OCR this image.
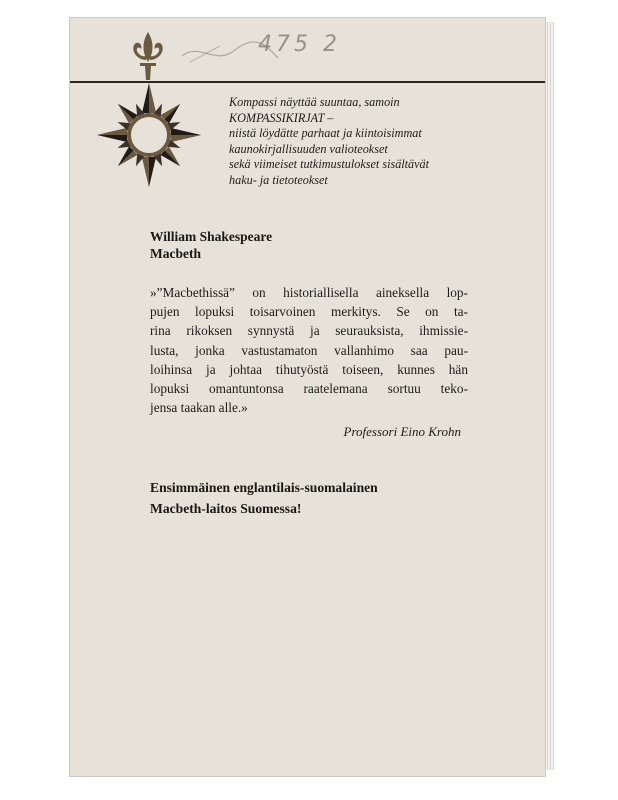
475 2
Kompassi näyttää suuntaa, samoin
KOMPASSIKIRJAT –
niistä löydätte parhaat ja kiintoisimmat
kaunokirjallisuuden valioteokset
sekä viimeiset tutkimustulokset sisältävät
haku- ja tietoteokset
William Shakespeare
Macbeth
»”Macbethissä” on historiallisella aineksella lop-
pujen lopuksi toisarvoinen merkitys. Se on ta-
rina rikoksen synnystä ja seurauksista, ihmissie-
lusta, jonka vastustamaton vallanhimo saa pau-
loihinsa ja johtaa tihutyöstä toiseen, kunnes hän
lopuksi omantuntonsa raatelemana sortuu teko-
jensa taakan alle.»
Professori Eino Krohn
Ensimmäinen englantilais-suomalainen
Macbeth-laitos Suomessa!
